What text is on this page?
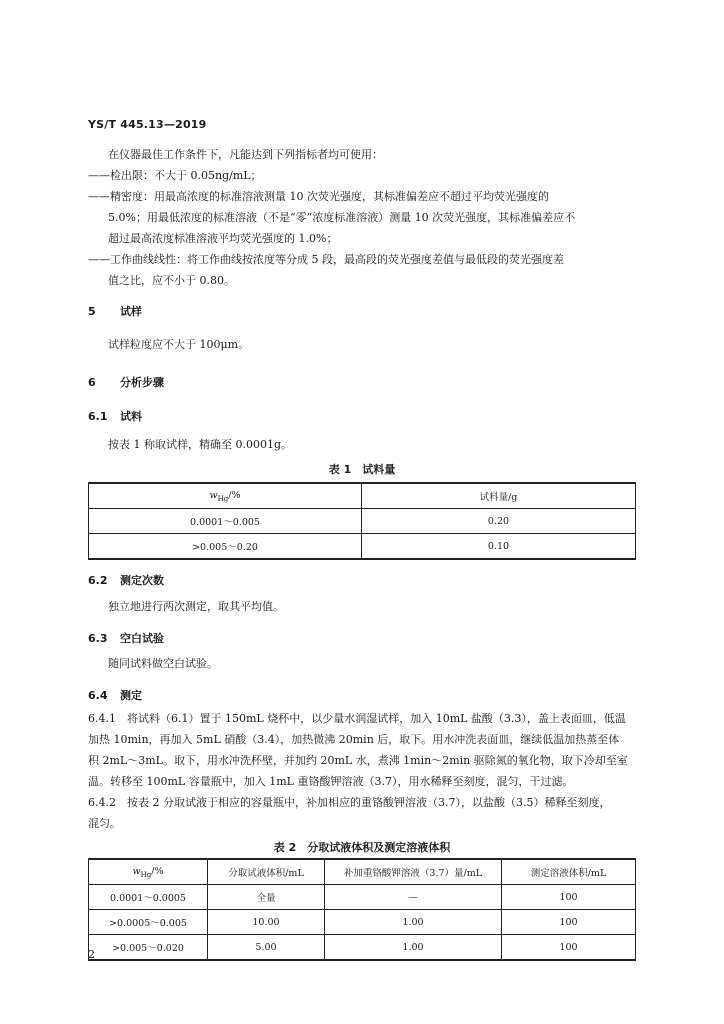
YS/T 445.13—2019
在仪器最佳工作条件下，凡能达到下列指标者均可使用：
——检出限：不大于 0.05ng/mL；
——精密度：用最高浓度的标准溶液测量 10 次荧光强度，其标准偏差应不超过平均荧光强度的
5.0%；用最低浓度的标准溶液（不是“零”浓度标准溶液）测量 10 次荧光强度，其标准偏差应不
超过最高浓度标准溶液平均荧光强度的 1.0%；
——工作曲线线性：将工作曲线按浓度等分成 5 段，最高段的荧光强度差值与最低段的荧光强度差
值之比，应不小于 0.80。
5 试样
试样粒度应不大于 100μm。
6 分析步骤
6.1 试料
按表 1 称取试样，精确至 0.0001g。
表 1　试料量
$w_{Hg}/\%$	试料量/g
0.0001～0.005	0.20
>0.005～0.20	0.10
6.2 测定次数
独立地进行两次测定，取其平均值。
6.3 空白试验
随同试料做空白试验。
6.4 测定
6.4.1　将试料（6.1）置于 150mL 烧杯中，以少量水润湿试样，加入 10mL 盐酸（3.3），盖上表面皿，低温
加热 10min，再加入 5mL 硝酸（3.4），加热微沸 20min 后，取下。用水冲洗表面皿，继续低温加热蒸至体
积 2mL～3mL。取下，用水冲洗杯壁，并加约 20mL 水，煮沸 1min～2min 驱除氮的氧化物，取下冷却至室
温。转移至 100mL 容量瓶中，加入 1mL 重铬酸钾溶液（3.7），用水稀释至刻度，混匀，干过滤。
6.4.2　按表 2 分取试液于相应的容量瓶中，补加相应的重铬酸钾溶液（3.7），以盐酸（3.5）稀释至刻度，
混匀。
表 2　分取试液体积及测定溶液体积
$w_{Hg}/\%$	分取试液体积/mL	补加重铬酸钾溶液（3.7）量/mL	测定溶液体积/mL
0.0001～0.0005	全量	—	100
>0.0005～0.005	10.00	1.00	100
>0.005～0.020	5.00	1.00	100
2
